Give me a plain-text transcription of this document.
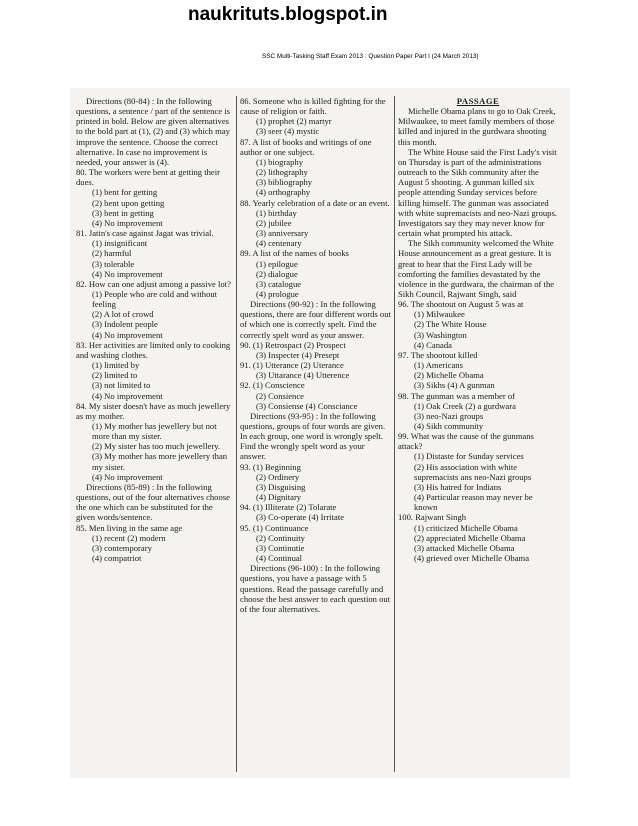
naukrituts.blogspot.in
SSC Multi-Tasking Staff Exam 2013 : Question Paper Part I (24 March 2013)

Directions (80-84) : In the following questions, a sentence / part of the sentence is printed in bold. Below are given alternatives to the bold part at (1), (2) and (3) which may improve the sentence. Choose the correct alternative. In case no improvement is needed, your answer is (4).

80. The workers were bent at getting their dues.

(1) bent for getting

(2) bent upon getting

(3) bent in getting

(4) No improvement

81. Jatin's case against Jagat was trivial.

(1) insignificant

(2) harmful

(3) tolerable

(4) No improvement

82. How can one adjust among a passive lot?

(1) People who are cold and without feeling

(2) A lot of crowd

(3) Indolent people

(4) No improvement

83. Her activities are limited only to cooking and washing clothes.

(1) limited by

(2) limited to

(3) not limited to

(4) No improvement

84. My sister doesn't have as much jewellery as my mother.

(1) My mother has jewellery but not more than my sister.

(2) My sister has too much jewellery.

(3) My mother has more jewellery than my sister.

(4) No improvement

Directions (85-89) : In the following questions, out of the four alternatives choose the one which can be substituted for the given words/sentence.

85. Men living in the same age

(1) recent (2) modern

(3) contemporary

(4) compatriot

86. Someone who is killed fighting for the cause of religion or faith.

(1) prophet (2) martyr

(3) seer (4) mystic

87. A list of books and writings of one author or one subject.

(1) biography

(2) lithography

(3) bibliography

(4) orthography

88. Yearly celebration of a date or an event.

(1) birthday

(2) jubilee

(3) anniversary

(4) centenary

89. A list of the names of books

(1) epilogue

(2) dialogue

(3) catalogue

(4) prologue

Directions (90-92) : In the following questions, there are four different words out of which one is correctly spelt. Find the correctly spelt word as your answer.

90. (1) Retrospact (2) Prospect

(3) Inspecter (4) Presept

91. (1) Utterance (2) Uterance

(3) Uttarance (4) Utterence

92. (1) Conscience

(2) Consience

(3) Consiense (4) Consciance

Directions (93-95) : In the following questions, groups of four words are given. In each group, one word is wrongly spelt. Find the wrongly spelt word as your answer.

93. (1) Beginning

(2) Ordinery

(3) Disguising

(4) Dignitary

94. (1) Illiterate (2) Tolarate

(3) Co-operate (4) Irritate

95. (1) Continuance

(2) Continuity

(3) Continutie

(4) Continual

Directions (96-100) : In the following questions, you have a passage with 5 questions. Read the passage carefully and choose the best answer to each question out of the four alternatives.

PASSAGE

Michelle Obama plans to go to Oak Creek, Milwaukee, to meet family members of those killed and injured in the gurdwara shooting this month.

The White House said the First Lady's visit on Thursday is part of the administrations outreach to the Sikh community after the August 5 shooting. A gunman killed six people attending Sunday services before killing himself. The gunman was associated with white supremacists and neo-Nazi groups. Investigators say they may never know for certain what prompted his attack.

The Sikh community welcomed the White House announcement as a great gesture. It is great to hear that the First Lady will be comforting the families devastated by the violence in the gurdwara, the chairman of the Sikh Council, Rajwant Singh, said

96. The shootout on August 5 was at

(1) Milwaukee

(2) The White House

(3) Washington

(4) Canada

97. The shootout killed

(1) Americans

(2) Michelle Obama

(3) Sikhs (4) A gunman

98. The gunman was a member of

(1) Oak Creek (2) a gurdwara

(3) neo-Nazi groups

(4) Sikh community

99. What was the cause of the gunmans attack?

(1) Distaste for Sunday services

(2) His association with white supremacists ans neo-Nazi groups

(3) His hatred for Indians

(4) Particular reason may never be known

100. Rajwant Singh

(1) criticized Michelle Obama

(2) appreciated Michelle Obama

(3) attacked Michelle Obama

(4) grieved over Michelle Obama
